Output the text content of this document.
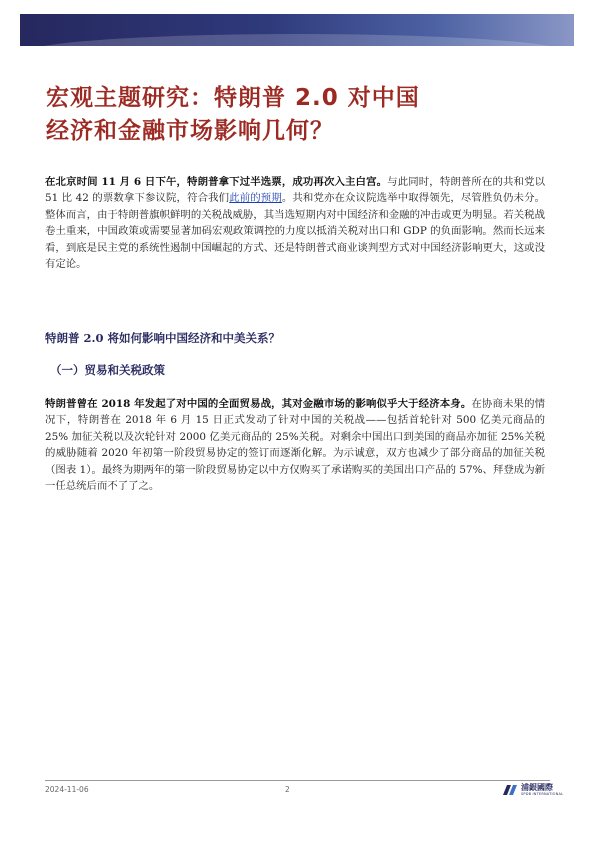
宏观主题研究：特朗普 2.0 对中国
经济和金融市场影响几何？
在北京时间 11 月 6 日下午，特朗普拿下过半选票，成功再次入主白宫。与此同时，特朗普所在的共和党以 51 比 42 的票数拿下参议院，符合我们此前的预期。共和党亦在众议院选举中取得领先，尽管胜负仍未分。整体而言，由于特朗普旗帜鲜明的关税战威胁，其当选短期内对中国经济和金融的冲击或更为明显。若关税战卷土重来，中国政策或需要显著加码宏观政策调控的力度以抵消关税对出口和 GDP 的负面影响。然而长远来看，到底是民主党的系统性遏制中国崛起的方式、还是特朗普式商业谈判型方式对中国经济影响更大，这或没有定论。
特朗普 2.0 将如何影响中国经济和中美关系？
（一）贸易和关税政策
特朗普曾在 2018 年发起了对中国的全面贸易战，其对金融市场的影响似乎大于经济本身。在协商未果的情况下，特朗普在 2018 年 6 月 15 日正式发动了针对中国的关税战——包括首轮针对 500 亿美元商品的 25% 加征关税以及次轮针对 2000 亿美元商品的 25%关税。对剩余中国出口到美国的商品亦加征 25%关税的威胁随着 2020 年初第一阶段贸易协定的签订而逐渐化解。为示诚意，双方也减少了部分商品的加征关税（图表 1）。最终为期两年的第一阶段贸易协定以中方仅购买了承诺购买的美国出口产品的 57%、拜登成为新一任总统后而不了了之。
2024-11-06	2	浦銀國際
SPDB INTERNATIONAL
